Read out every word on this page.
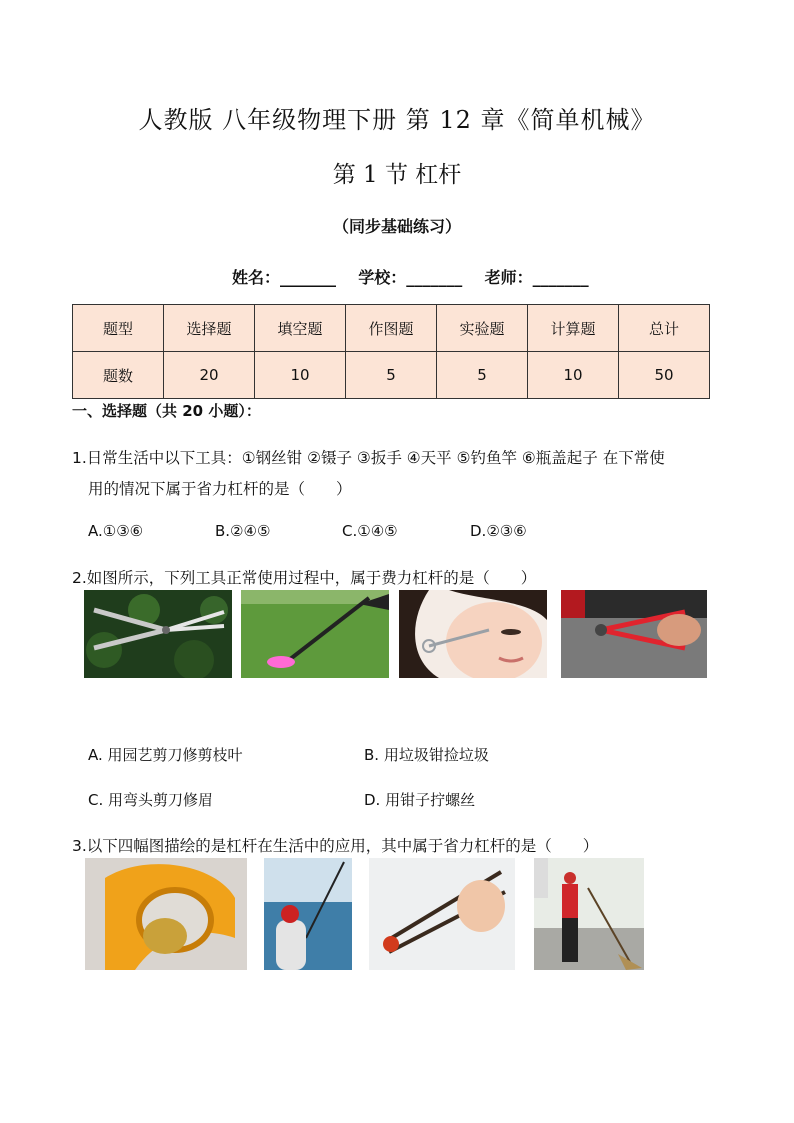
人教版 八年级物理下册 第 12 章《简单机械》
第 1 节 杠杆
（同步基础练习）
姓名：_______    学校：_______    老师：_______
题型	选择题	填空题	作图题	实验题	计算题	总计
题数	20	10	5	5	10	50
一、选择题（共 20 小题）：
1.日常生活中以下工具：①钢丝钳 ②镊子 ③扳手 ④天平 ⑤钓鱼竿 ⑥瓶盖起子 在下常使
用的情况下属于省力杠杆的是（　　）
A.①③⑥	B.②④⑤	C.①④⑤	D.②③⑥
2.如图所示，下列工具正常使用过程中，属于费力杠杆的是（　　）
A. 用园艺剪刀修剪枝叶	B. 用垃圾钳捡垃圾
C. 用弯头剪刀修眉	D. 用钳子拧螺丝
3.以下四幅图描绘的是杠杆在生活中的应用，其中属于省力杠杆的是（　　）
